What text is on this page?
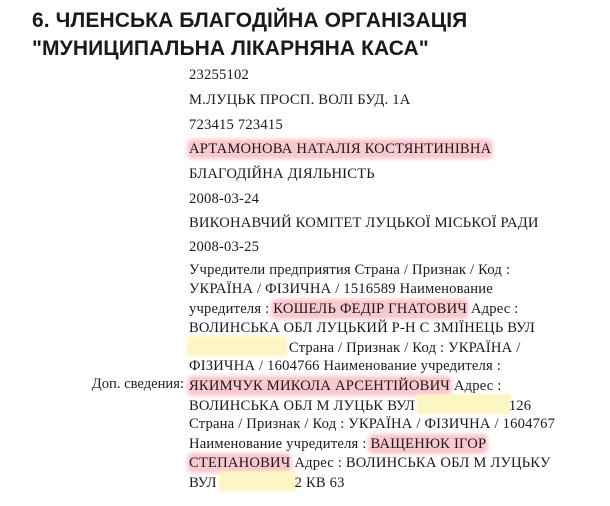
6. ЧЛЕНСЬКА БЛАГОДІЙНА ОРГАНІЗАЦІЯ
"МУНИЦИПАЛЬНА ЛІКАРНЯНА КАСА"
23255102
М.ЛУЦЬК ПРОСП. ВОЛІ БУД. 1А
723415 723415
АРТАМОНОВА НАТАЛІЯ КОСТЯНТИНІВНА
БЛАГОДІЙНА ДІЯЛЬНІСТЬ
2008-03-24
ВИКОНАВЧИЙ КОМІТЕТ ЛУЦЬКОЇ МІСЬКОЇ РАДИ
2008-03-25
Доп. сведения:
Учредители предприятия Страна / Признак / Код :
УКРАЇНА / ФІЗИЧНА / 1516589 Наименование
учредителя : КОШЕЛЬ ФЕДІР ГНАТОВИЧ Адрес :
ВОЛИНСЬКА ОБЛ ЛУЦЬКИЙ Р-Н С ЗМІЇНЕЦЬ ВУЛ
Страна / Признак / Код : УКРАЇНА /
ФІЗИЧНА / 1604766 Наименование учредителя :
ЯКИМЧУК МИКОЛА АРСЕНТІЙОВИЧ Адрес :
ВОЛИНСЬКА ОБЛ М ЛУЦЬК ВУЛ	126
Страна / Признак / Код : УКРАЇНА / ФІЗИЧНА / 1604767
Наименование учредителя : ВАЩЕНЮК ІГОР
СТЕПАНОВИЧ Адрес : ВОЛИНСЬКА ОБЛ М ЛУЦЬКУ
ВУЛ	2 КВ 63
